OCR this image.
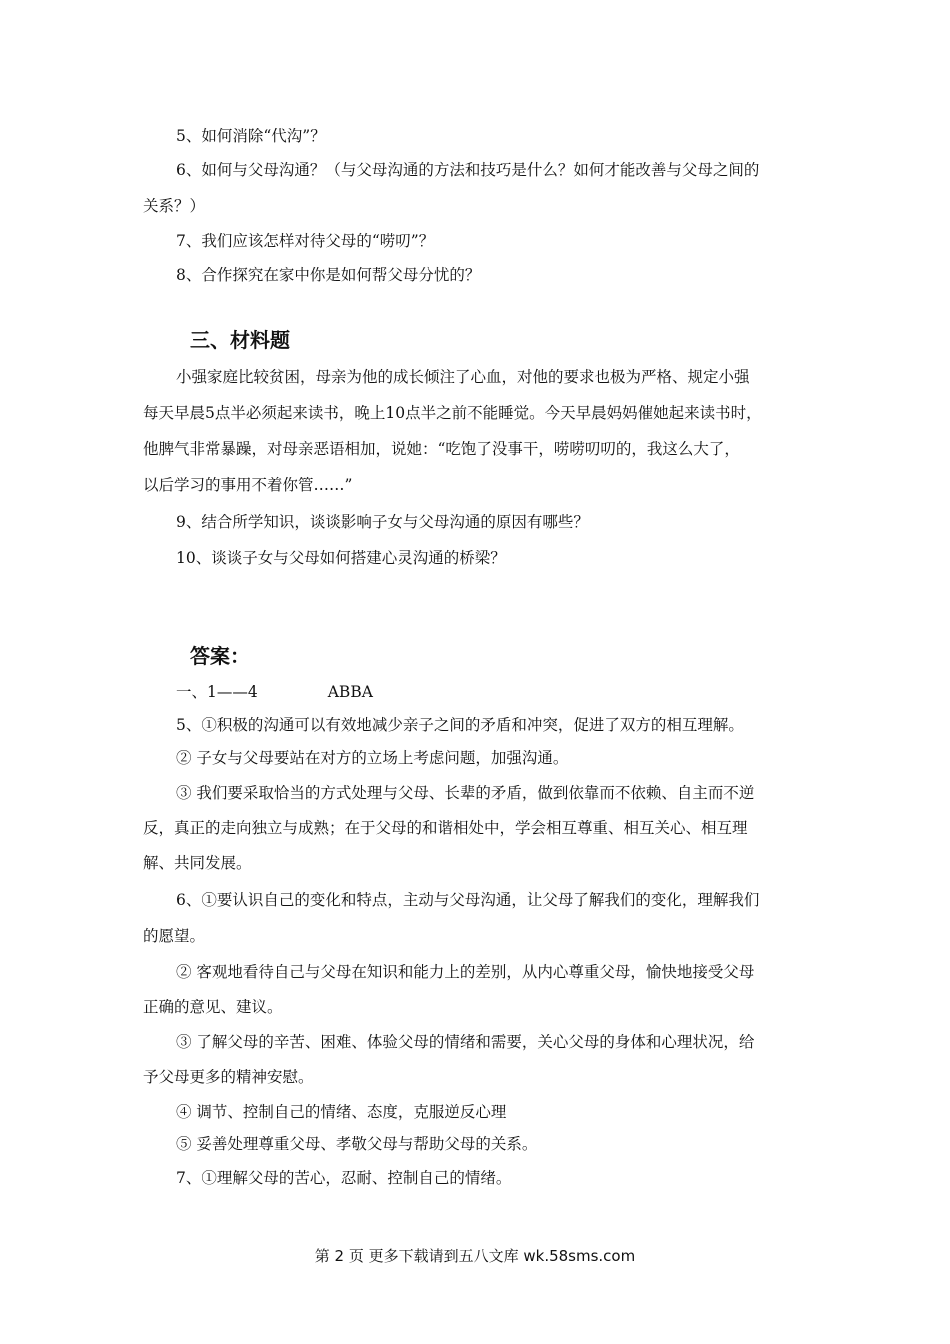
5、如何消除“代沟”？
6、如何与父母沟通？（与父母沟通的方法和技巧是什么？如何才能改善与父母之间的
关系？）
7、我们应该怎样对待父母的“唠叨”？
8、合作探究在家中你是如何帮父母分忧的？
三、材料题
小强家庭比较贫困，母亲为他的成长倾注了心血，对他的要求也极为严格、规定小强
每天早晨5点半必须起来读书，晚上10点半之前不能睡觉。今天早晨妈妈催她起来读书时，
他脾气非常暴躁，对母亲恶语相加，说她：“吃饱了没事干，唠唠叨叨的，我这么大了，
以后学习的事用不着你管……”
9、结合所学知识，谈谈影响子女与父母沟通的原因有哪些？
10、谈谈子女与父母如何搭建心灵沟通的桥梁？
答案：
一、1——4	ABBA
5、①积极的沟通可以有效地减少亲子之间的矛盾和冲突，促进了双方的相互理解。
② 子女与父母要站在对方的立场上考虑问题，加强沟通。
③ 我们要采取恰当的方式处理与父母、长辈的矛盾，做到依靠而不依赖、自主而不逆
反，真正的走向独立与成熟；在于父母的和谐相处中，学会相互尊重、相互关心、相互理
解、共同发展。
6、①要认识自己的变化和特点，主动与父母沟通，让父母了解我们的变化，理解我们
的愿望。
② 客观地看待自己与父母在知识和能力上的差别，从内心尊重父母，愉快地接受父母
正确的意见、建议。
③ 了解父母的辛苦、困难、体验父母的情绪和需要，关心父母的身体和心理状况，给
予父母更多的精神安慰。
④ 调节、控制自己的情绪、态度，克服逆反心理
⑤ 妥善处理尊重父母、孝敬父母与帮助父母的关系。
7、①理解父母的苦心，忍耐、控制自己的情绪。
第 2 页 更多下载请到五八文库 wk.58sms.com
